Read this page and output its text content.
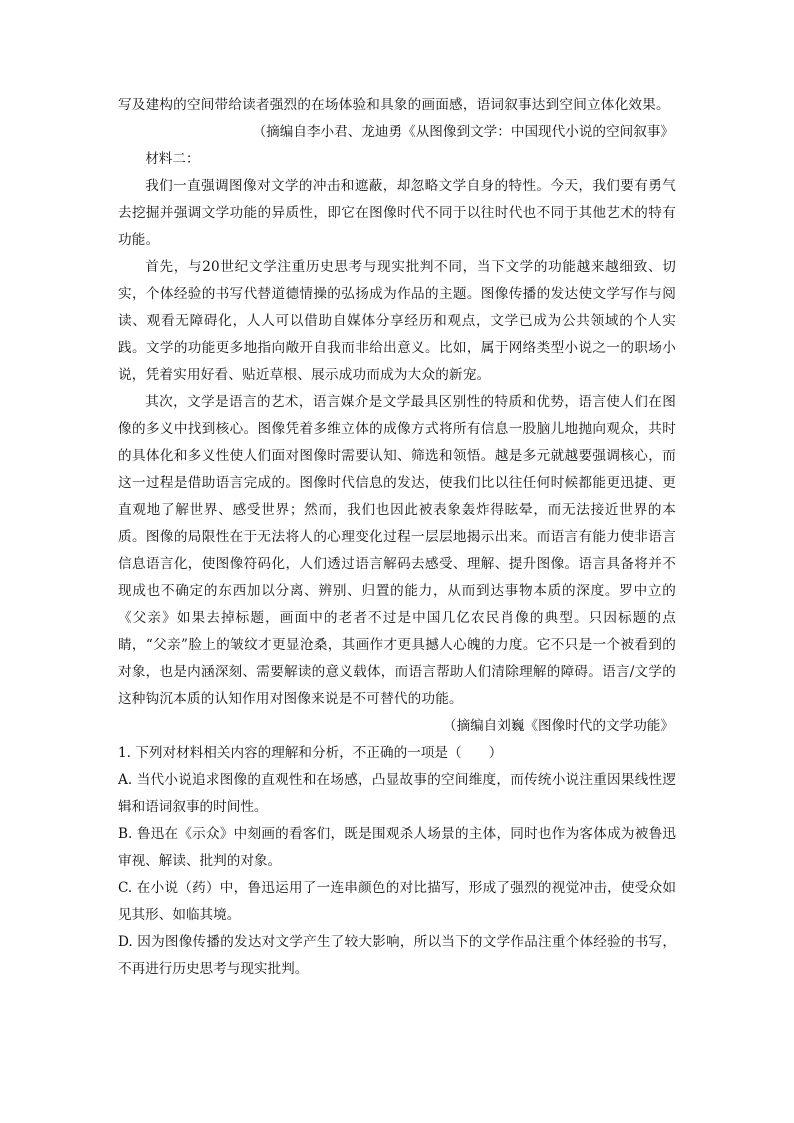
写及建构的空间带给读者强烈的在场体验和具象的画面感，语词叙事达到空间立体化效果。

（摘编自李小君、龙迪勇《从图像到文学：中国现代小说的空间叙事》

材料二：

我们一直强调图像对文学的冲击和遮蔽，却忽略文学自身的特性。今天，我们要有勇气去挖掘并强调文学功能的异质性，即它在图像时代不同于以往时代也不同于其他艺术的特有功能。

首先，与20世纪文学注重历史思考与现实批判不同，当下文学的功能越来越细致、切实，个体经验的书写代替道德情操的弘扬成为作品的主题。图像传播的发达使文学写作与阅读、观看无障碍化，人人可以借助自媒体分享经历和观点，文学已成为公共领域的个人实践。文学的功能更多地指向敞开自我而非给出意义。比如，属于网络类型小说之一的职场小说，凭着实用好看、贴近草根、展示成功而成为大众的新宠。

其次，文学是语言的艺术，语言媒介是文学最具区别性的特质和优势，语言使人们在图像的多义中找到核心。图像凭着多维立体的成像方式将所有信息一股脑儿地抛向观众，共时的具体化和多义性使人们面对图像时需要认知、筛选和领悟。越是多元就越要强调核心，而这一过程是借助语言完成的。图像时代信息的发达，使我们比以往任何时候都能更迅捷、更直观地了解世界、感受世界；然而，我们也因此被表象轰炸得眩晕，而无法接近世界的本质。图像的局限性在于无法将人的心理变化过程一层层地揭示出来。而语言有能力使非语言信息语言化，使图像符码化，人们透过语言解码去感受、理解、提升图像。语言具备将并不现成也不确定的东西加以分离、辨别、归置的能力，从而到达事物本质的深度。罗中立的《父亲》如果去掉标题，画面中的老者不过是中国几亿农民肖像的典型。只因标题的点睛，“父亲”脸上的皱纹才更显沧桑，其画作才更具撼人心魄的力度。它不只是一个被看到的对象，也是内涵深刻、需要解读的意义载体，而语言帮助人们清除理解的障碍。语言/文学的这种钩沉本质的认知作用对图像来说是不可替代的功能。

（摘编自刘巍《图像时代的文学功能》

1. 下列对材料相关内容的理解和分析，不正确的一项是（　　）

A. 当代小说追求图像的直观性和在场感，凸显故事的空间维度，而传统小说注重因果线性逻辑和语词叙事的时间性。

B. 鲁迅在《示众》中刻画的看客们，既是围观杀人场景的主体，同时也作为客体成为被鲁迅审视、解读、批判的对象。

C. 在小说（药）中，鲁迅运用了一连串颜色的对比描写，形成了强烈的视觉冲击，使受众如见其形、如临其境。

D. 因为图像传播的发达对文学产生了较大影响，所以当下的文学作品注重个体经验的书写，不再进行历史思考与现实批判。
